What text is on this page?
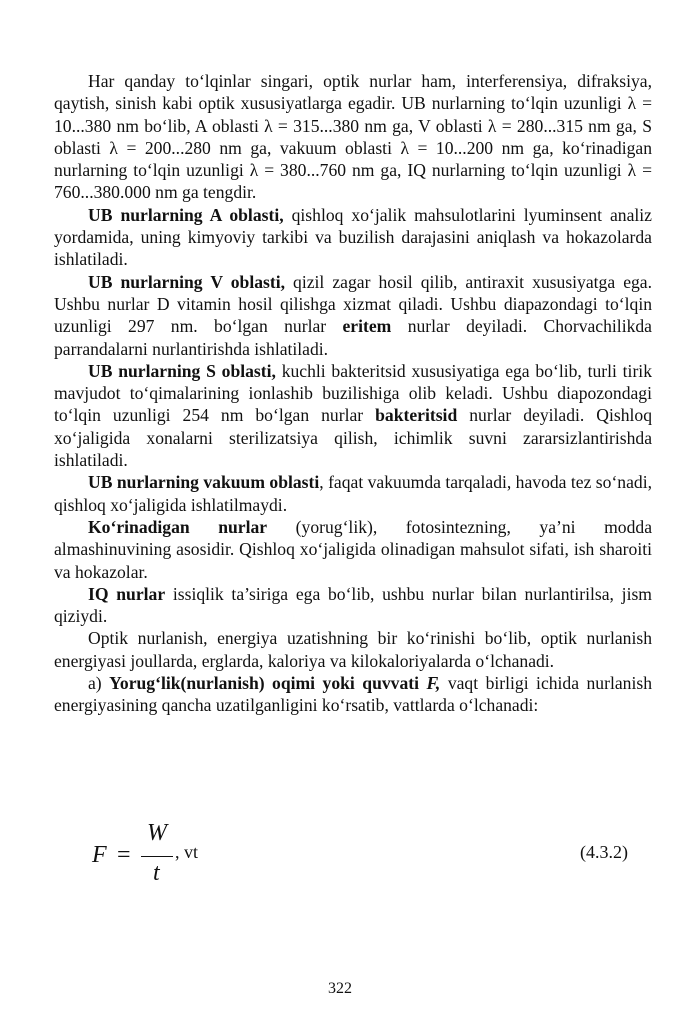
Har qanday to‘lqinlar singari, optik nurlar ham, interferensiya, difraksiya, qaytish, sinish kabi optik xususiyatlarga egadir. UB nurlarning to‘lqin uzunligi λ = 10...380 nm bo‘lib, A oblasti λ = 315...380 nm ga, V oblasti λ = 280...315 nm ga, S oblasti λ = 200...280 nm ga, vakuum oblasti λ = 10...200 nm ga, ko‘rinadigan nurlarning to‘lqin uzunligi λ = 380...760 nm ga, IQ nurlarning to‘lqin uzunligi λ = 760...380.000 nm ga tengdir.

UB nurlarning A oblasti, qishloq xo‘jalik mahsulotlarini lyuminsent analiz yordamida, uning kimyoviy tarkibi va buzilish darajasini aniqlash va hokazolarda ishlatiladi.

UB nurlarning V oblasti, qizil zagar hosil qilib, antiraxit xususiyatga ega. Ushbu nurlar D vitamin hosil qilishga xizmat qiladi. Ushbu diapazondagi to‘lqin uzunligi 297 nm. bo‘lgan nurlar eritem nurlar deyiladi. Chorvachilikda parrandalarni nurlantirishda ishlatiladi.

UB nurlarning S oblasti, kuchli bakteritsid xususiyatiga ega bo‘lib, turli tirik mavjudot to‘qimalarining ionlashib buzilishiga olib keladi. Ushbu diapozondagi to‘lqin uzunligi 254 nm bo‘lgan nurlar bakteritsid nurlar deyiladi. Qishloq xo‘jaligida xonalarni sterilizatsiya qilish, ichimlik suvni zararsizlantirishda ishlatiladi.

UB nurlarning vakuum oblasti, faqat vakuumda tarqaladi, havoda tez so‘nadi, qishloq xo‘jaligida ishlatilmaydi.

Ko‘rinadigan nurlar (yorug‘lik), fotosintezning, ya’ni modda almashinuvining asosidir. Qishloq xo‘jaligida olinadigan mahsulot sifati, ish sharoiti va hokazolar.

IQ nurlar issiqlik ta’siriga ega bo‘lib, ushbu nurlar bilan nurlantirilsa, jism qiziydi.

Optik nurlanish, energiya uzatishning bir ko‘rinishi bo‘lib, optik nurlanish energiyasi joullarda, erglarda, kaloriya va kilokaloriyalarda o‘lchanadi.

a) Yorug‘lik(nurlanish) oqimi yoki quvvati F, vaqt birligi ichida nurlanish energiyasining qancha uzatilganligini ko‘rsatib, vattlarda o‘lchanadi:

F =
W
t
, vt	(4.3.2)
322
